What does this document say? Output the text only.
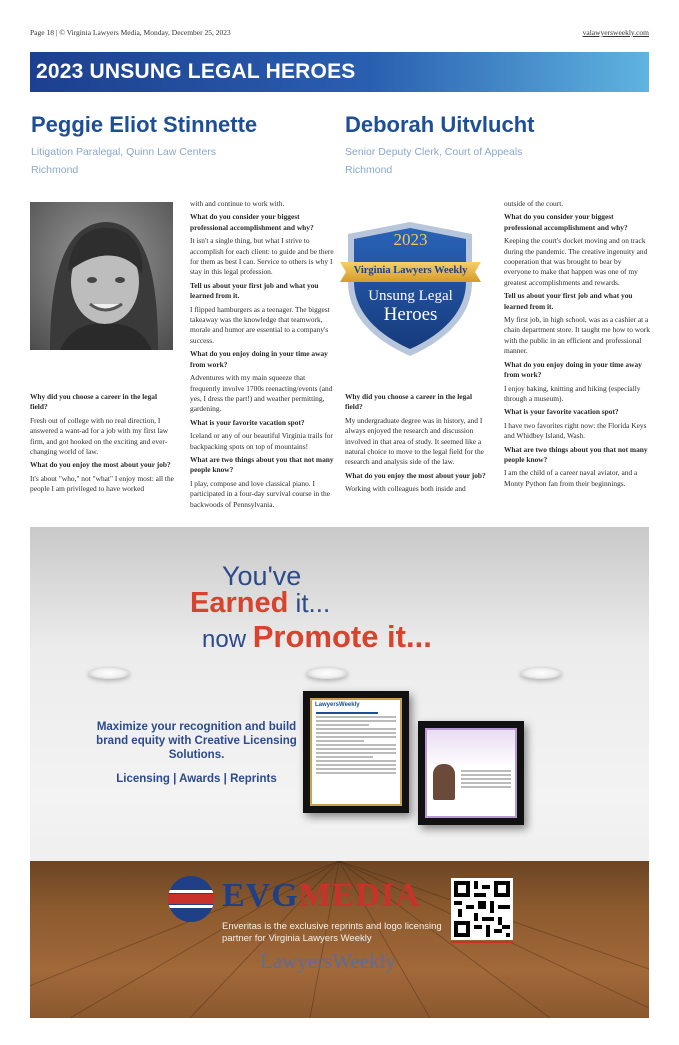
Page 18 | © Virginia Lawyers Media, Monday, December 25, 2023	valawyersweekly.com
2023 UNSUNG LEGAL HEROES
Peggie Eliot Stinnette
Litigation Paralegal, Quinn Law Centers
Richmond
Deborah Uitvlucht
Senior Deputy Clerk, Court of Appeals
Richmond
Why did you choose a career in the legal field?
Fresh out of college with no real direction, I answered a want-ad for a job with my first law firm, and got hooked on the exciting and ever-changing world of law.
What do you enjoy the most about your job?
It's about "who," not "what" I enjoy most: all the people I am privileged to have worked
with and continue to work with.
What do you consider your biggest professional accomplishment and why?
It isn't a single thing, but what I strive to accomplish for each client: to guide and be there for them as best I can. Service to others is why I stay in this legal profession.
Tell us about your first job and what you learned from it.
I flipped hamburgers as a teenager. The biggest takeaway was the knowledge that teamwork, morale and humor are essential to a company's success.
What do you enjoy doing in your time away from work?
Adventures with my main squeeze that frequently involve 1700s reenacting/events (and yes, I dress the part!) and weather permitting, gardening.
What is your favorite vacation spot?
Iceland or any of our beautiful Virginia trails for backpacking spots on top of mountains!
What are two things about you that not many people know?
I play, compose and love classical piano. I participated in a four-day survival course in the backwoods of Pennsylvania.
2023
Virginia Lawyers Weekly
Unsung Legal
Heroes
Why did you choose a career in the legal field?
My undergraduate degree was in history, and I always enjoyed the research and discussion involved in that area of study. It seemed like a natural choice to move to the legal field for the research and analysis side of the law.
What do you enjoy the most about your job?
Working with colleagues both inside and
outside of the court.
What do you consider your biggest professional accomplishment and why?
Keeping the court's docket moving and on track during the pandemic. The creative ingenuity and cooperation that was brought to bear by everyone to make that happen was one of my greatest accomplishments and rewards.
Tell us about your first job and what you learned from it.
My first job, in high school, was as a cashier at a chain department store. It taught me how to work with the public in an efficient and professional manner.
What do you enjoy doing in your time away from work?
I enjoy baking, knitting and hiking (especially through a museum).
What is your favorite vacation spot?
I have two favorites right now: the Florida Keys and Whidbey Island, Wash.
What are two things about you that not many people know?
I am the child of a career naval aviator, and a Monty Python fan from their beginnings.
You've
Earned it...
now Promote it...
Maximize your recognition and build brand equity with Creative Licensing Solutions.
Licensing | Awards | Reprints
LawyersWeekly
EVGMEDIA
Enveritas is the exclusive reprints and logo licensing partner for Virginia Lawyers Weekly
LawyersWeekly
